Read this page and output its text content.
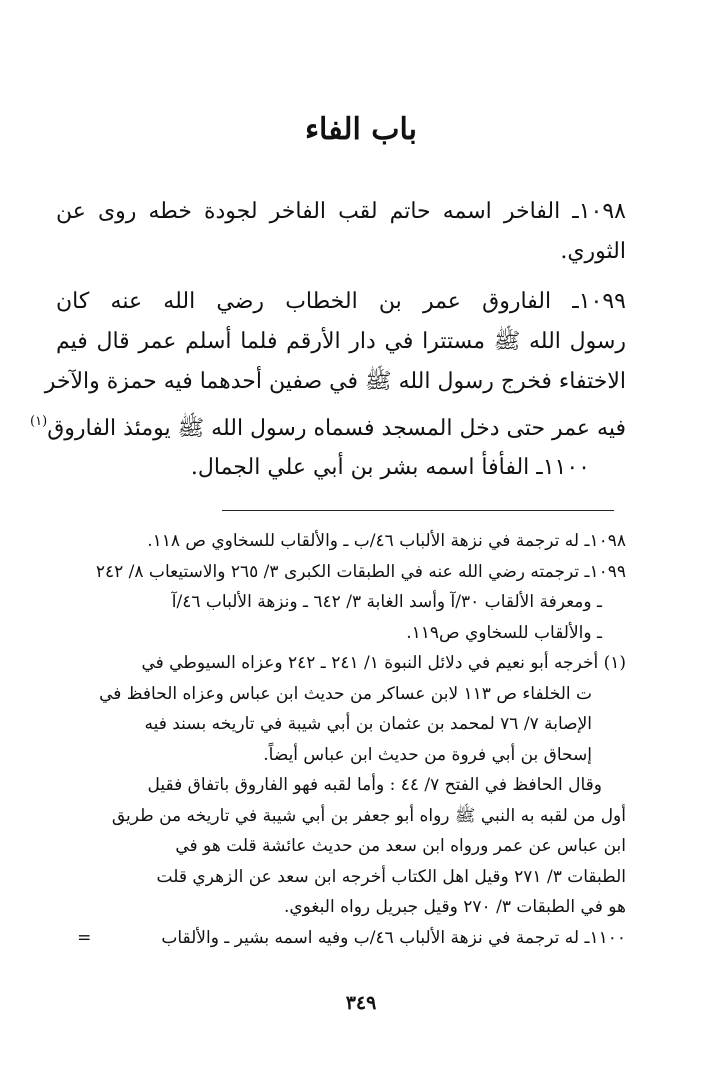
باب الفاء
١٠٩٨ـ الفاخر اسمه حاتم لقب الفاخر لجودة خطه روى عن
الثوري.
١٠٩٩ـ الفاروق عمر بن الخطاب رضي الله عنه كان
رسول الله ﷺ مستترا في دار الأرقم فلما أسلم عمر قال فيم
الاختفاء فخرج رسول الله ﷺ في صفين أحدهما فيه حمزة والآخر
فيه عمر حتى دخل المسجد فسماه رسول الله ﷺ يومئذ الفاروق$^{(١)}$
١١٠٠ـ الفأفأ اسمه بشر بن أبي علي الجمال.
١٠٩٨ـ له ترجمة في نزهة الألباب ٤٦/ب ـ والألقاب للسخاوي ص ١١٨.
١٠٩٩ـ ترجمته رضي الله عنه في الطبقات الكبرى ٣/ ٢٦٥ والاستيعاب ٨/ ٢٤٢
ـ ومعرفة الألقاب ٣٠/آ وأسد الغابة ٣/ ٦٤٢ ـ ونزهة الألباب ٤٦/آ
ـ والألقاب للسخاوي ص١١٩.
(١) أخرجه أبو نعيم في دلائل النبوة ١/ ٢٤١ ـ ٢٤٢ وعزاه السيوطي في
ت الخلفاء ص ١١٣ لابن عساكر من حديث ابن عباس وعزاه الحافظ في
الإصابة ٧/ ٧٦ لمحمد بن عثمان بن أبي شيبة في تاريخه بسند فيه
إسحاق بن أبي فروة من حديث ابن عباس أيضاً.
وقال الحافظ في الفتح ٧/ ٤٤ : وأما لقبه فهو الفاروق باتفاق فقيل
أول من لقبه به النبي ﷺ رواه أبو جعفر بن أبي شيبة في تاريخه من طريق
ابن عباس عن عمر ورواه ابن سعد من حديث عائشة قلت هو في
الطبقات ٣/ ٢٧١ وقيل اهل الكتاب أخرجه ابن سعد عن الزهري قلت
هو في الطبقات ٣/ ٢٧٠ وقيل جبريل رواه البغوي.
١١٠٠ـ له ترجمة في نزهة الألباب ٤٦/ب وفيه اسمه بشير ـ والألقاب=
٣٤٩
